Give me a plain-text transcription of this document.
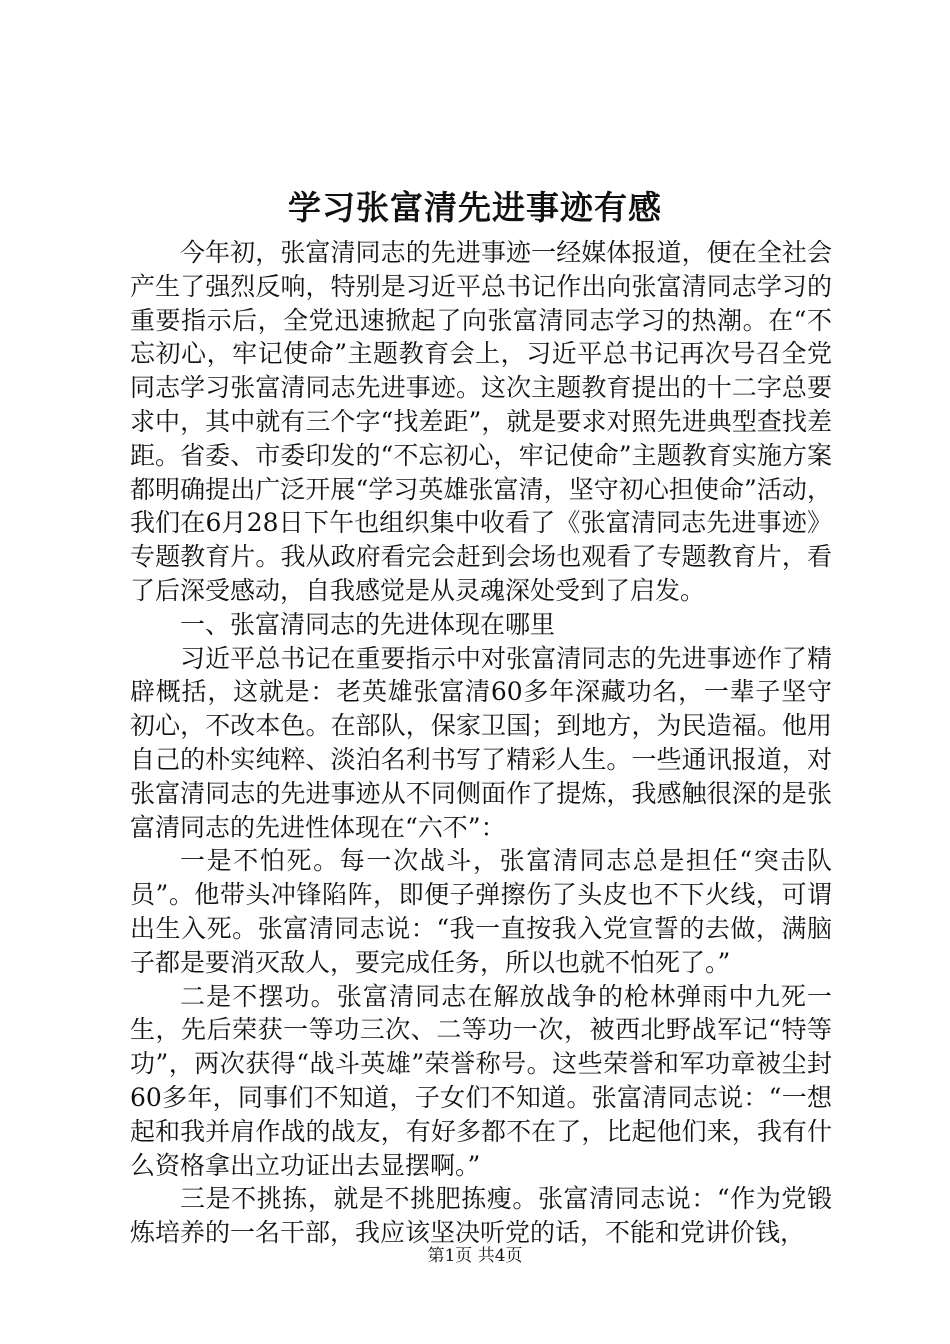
学习张富清先进事迹有感

今年初，张富清同志的先进事迹一经媒体报道，便在全社会产生了强烈反响，特别是习近平总书记作出向张富清同志学习的重要指示后，全党迅速掀起了向张富清同志学习的热潮。在“不忘初心，牢记使命”主题教育会上，习近平总书记再次号召全党同志学习张富清同志先进事迹。这次主题教育提出的十二字总要求中，其中就有三个字“找差距”，就是要求对照先进典型查找差距。省委、市委印发的“不忘初心，牢记使命”主题教育实施方案都明确提出广泛开展“学习英雄张富清，坚守初心担使命”活动，我们在6月28日下午也组织集中收看了《张富清同志先进事迹》专题教育片。我从政府看完会赶到会场也观看了专题教育片，看了后深受感动，自我感觉是从灵魂深处受到了启发。

一、张富清同志的先进体现在哪里

习近平总书记在重要指示中对张富清同志的先进事迹作了精辟概括，这就是：老英雄张富清60多年深藏功名，一辈子坚守初心，不改本色。在部队，保家卫国；到地方，为民造福。他用自己的朴实纯粹、淡泊名利书写了精彩人生。一些通讯报道，对张富清同志的先进事迹从不同侧面作了提炼，我感触很深的是张富清同志的先进性体现在“六不”：

一是不怕死。每一次战斗，张富清同志总是担任“突击队员”。他带头冲锋陷阵，即便子弹擦伤了头皮也不下火线，可谓出生入死。张富清同志说：“我一直按我入党宣誓的去做，满脑子都是要消灭敌人，要完成任务，所以也就不怕死了。”

二是不摆功。张富清同志在解放战争的枪林弹雨中九死一生，先后荣获一等功三次、二等功一次，被西北野战军记“特等功”，两次获得“战斗英雄”荣誉称号。这些荣誉和军功章被尘封60多年，同事们不知道，子女们不知道。张富清同志说：“一想起和我并肩作战的战友，有好多都不在了，比起他们来，我有什么资格拿出立功证出去显摆啊。”

三是不挑拣，就是不挑肥拣瘦。张富清同志说：“作为党锻炼培养的一名干部，我应该坚决听党的话，不能和党讲价钱，

第1页 共4页
